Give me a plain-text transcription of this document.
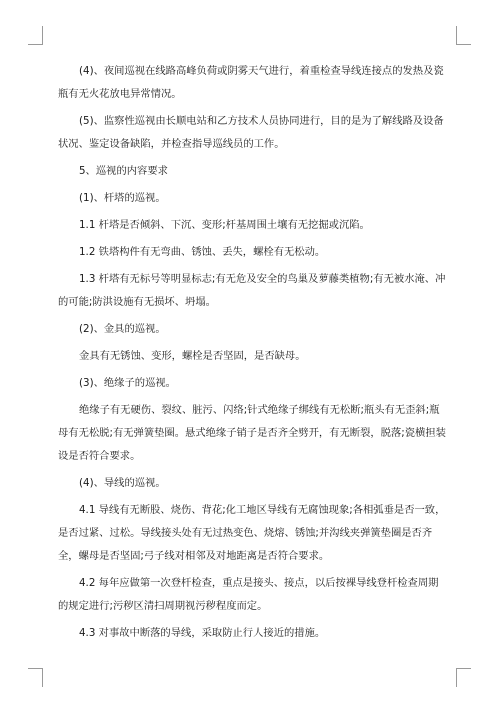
(4)、夜间巡视在线路高峰负荷或阴雾天气进行，着重检查导线连接点的发热及瓷瓶有无火花放电异常情况。

(5)、监察性巡视由长顺电站和乙方技术人员协同进行，目的是为了解线路及设备状况、鉴定设备缺陷，并检查指导巡线员的工作。

5、巡视的内容要求

(1)、杆塔的巡视。

1.1 杆塔是否倾斜、下沉、变形;杆基周围土壤有无挖掘或沉陷。

1.2 铁塔构件有无弯曲、锈蚀、丢失，螺栓有无松动。

1.3 杆塔有无标号等明显标志;有无危及安全的鸟巢及萝藤类植物;有无被水淹、冲的可能;防洪设施有无损坏、坍塌。

(2)、金具的巡视。

金具有无锈蚀、变形，螺栓是否坚固，是否缺母。

(3)、绝缘子的巡视。

绝缘子有无硬伤、裂纹、脏污、闪络;针式绝缘子绑线有无松断;瓶头有无歪斜;瓶母有无松脱;有无弹簧垫圈。悬式绝缘子销子是否齐全劈开，有无断裂，脱落;瓷横担装设是否符合要求。

(4)、导线的巡视。

4.1 导线有无断股、烧伤、背花;化工地区导线有无腐蚀现象;各相弧垂是否一致，是否过紧、过松。导线接头处有无过热变色、烧熔、锈蚀;并沟线夹弹簧垫圈是否齐全，螺母是否坚固;弓子线对相邻及对地距离是否符合要求。

4.2 每年应做第一次登杆检查，重点是接头、接点，以后按裸导线登杆检查周期的规定进行;污秽区清扫周期视污秽程度而定。

4.3 对事故中断落的导线，采取防止行人接近的措施。
